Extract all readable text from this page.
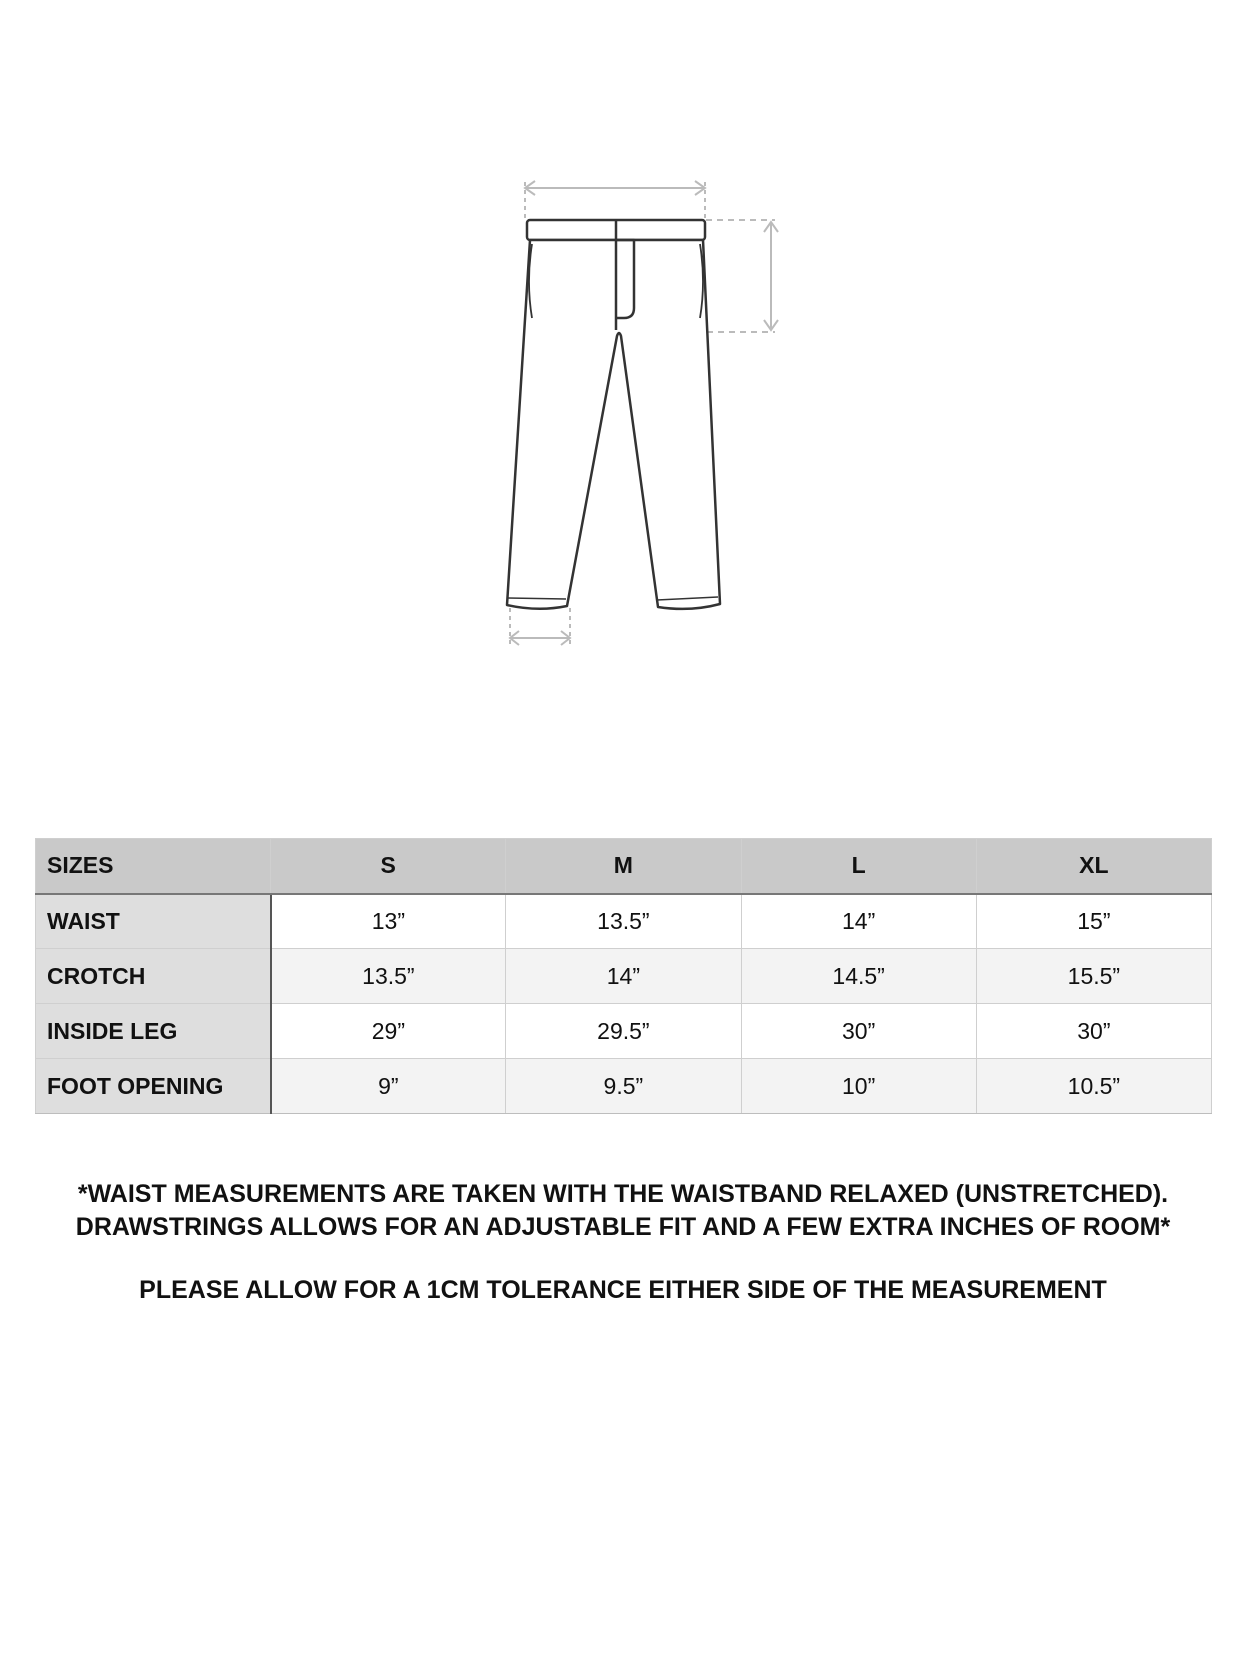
SIZES	S	M	L	XL
WAIST	13”	13.5”	14”	15”
CROTCH	13.5”	14”	14.5”	15.5”
INSIDE LEG	29”	29.5”	30”	30”
FOOT OPENING	9”	9.5”	10”	10.5”

*WAIST MEASUREMENTS ARE TAKEN WITH THE WAISTBAND RELAXED (UNSTRETCHED).

DRAWSTRINGS ALLOWS FOR AN ADJUSTABLE FIT AND A FEW EXTRA INCHES OF ROOM*

PLEASE ALLOW FOR A 1CM TOLERANCE EITHER SIDE OF THE MEASUREMENT
